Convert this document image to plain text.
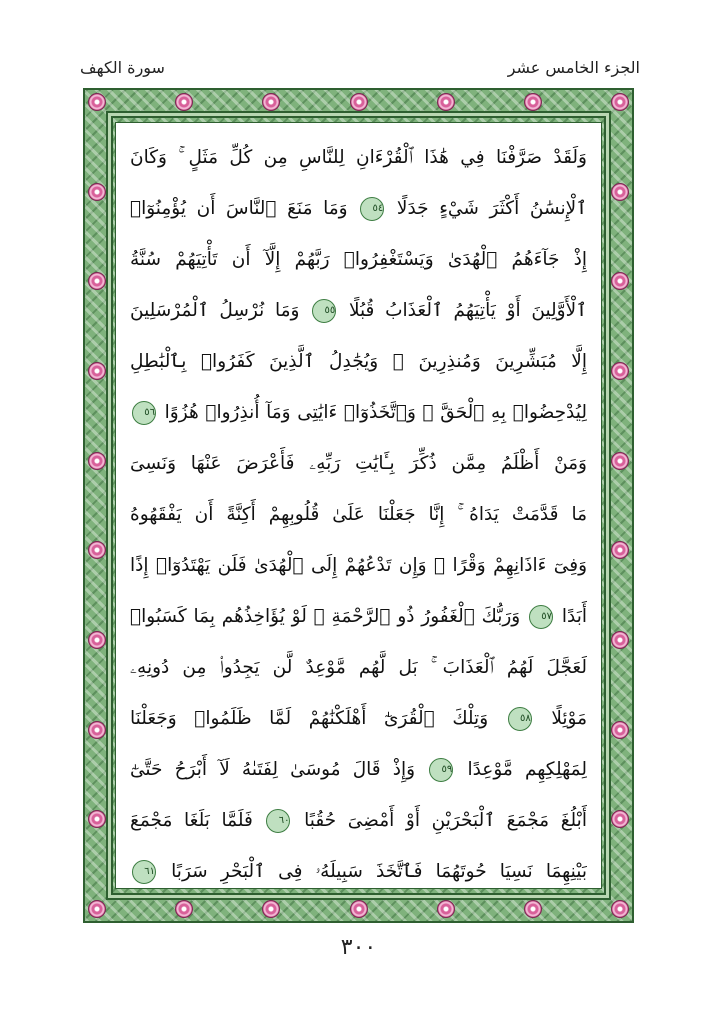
الجزء الخامس عشر
سورة الكهف
وَلَقَدْ صَرَّفْنَا فِي هَٰذَا ٱلْقُرْءَانِ لِلنَّاسِ مِن كُلِّ مَثَلٍ ۚ وَكَانَ
ٱلْإِنسَٰنُ أَكْثَرَ شَيْءٍ جَدَلًا ٥٤ وَمَا مَنَعَ ٱلنَّاسَ أَن يُؤْمِنُوٓا۟
إِذْ جَآءَهُمُ ٱلْهُدَىٰ وَيَسْتَغْفِرُوا۟ رَبَّهُمْ إِلَّآ أَن تَأْتِيَهُمْ سُنَّةُ
ٱلْأَوَّلِينَ أَوْ يَأْتِيَهُمُ ٱلْعَذَابُ قُبُلًا ٥٥ وَمَا نُرْسِلُ ٱلْمُرْسَلِينَ
إِلَّا مُبَشِّرِينَ وَمُنذِرِينَ ۚ وَيُجَٰدِلُ ٱلَّذِينَ كَفَرُوا۟ بِٱلْبَٰطِلِ
لِيُدْحِضُوا۟ بِهِ ٱلْحَقَّ ۖ وَٱتَّخَذُوٓا۟ ءَايَٰتِى وَمَآ أُنذِرُوا۟ هُزُوًا ٥٦
وَمَنْ أَظْلَمُ مِمَّن ذُكِّرَ بِـَٔايَٰتِ رَبِّهِۦ فَأَعْرَضَ عَنْهَا وَنَسِىَ
مَا قَدَّمَتْ يَدَاهُ ۚ إِنَّا جَعَلْنَا عَلَىٰ قُلُوبِهِمْ أَكِنَّةً أَن يَفْقَهُوهُ
وَفِىٓ ءَاذَانِهِمْ وَقْرًا ۖ وَإِن تَدْعُهُمْ إِلَى ٱلْهُدَىٰ فَلَن يَهْتَدُوٓا۟ إِذًا
أَبَدًا ٥٧ وَرَبُّكَ ٱلْغَفُورُ ذُو ٱلرَّحْمَةِ ۖ لَوْ يُؤَاخِذُهُم بِمَا كَسَبُوا۟
لَعَجَّلَ لَهُمُ ٱلْعَذَابَ ۚ بَل لَّهُم مَّوْعِدٌ لَّن يَجِدُوا۟ مِن دُونِهِۦ
مَوْئِلًا ٥٨ وَتِلْكَ ٱلْقُرَىٰٓ أَهْلَكْنَٰهُمْ لَمَّا ظَلَمُوا۟ وَجَعَلْنَا
لِمَهْلِكِهِم مَّوْعِدًا ٥٩ وَإِذْ قَالَ مُوسَىٰ لِفَتَىٰهُ لَآ أَبْرَحُ حَتَّىٰٓ
أَبْلُغَ مَجْمَعَ ٱلْبَحْرَيْنِ أَوْ أَمْضِىَ حُقُبًا ٦٠ فَلَمَّا بَلَغَا مَجْمَعَ
بَيْنِهِمَا نَسِيَا حُوتَهُمَا فَٱتَّخَذَ سَبِيلَهُۥ فِى ٱلْبَحْرِ سَرَبًا ٦١
٣٠٠
